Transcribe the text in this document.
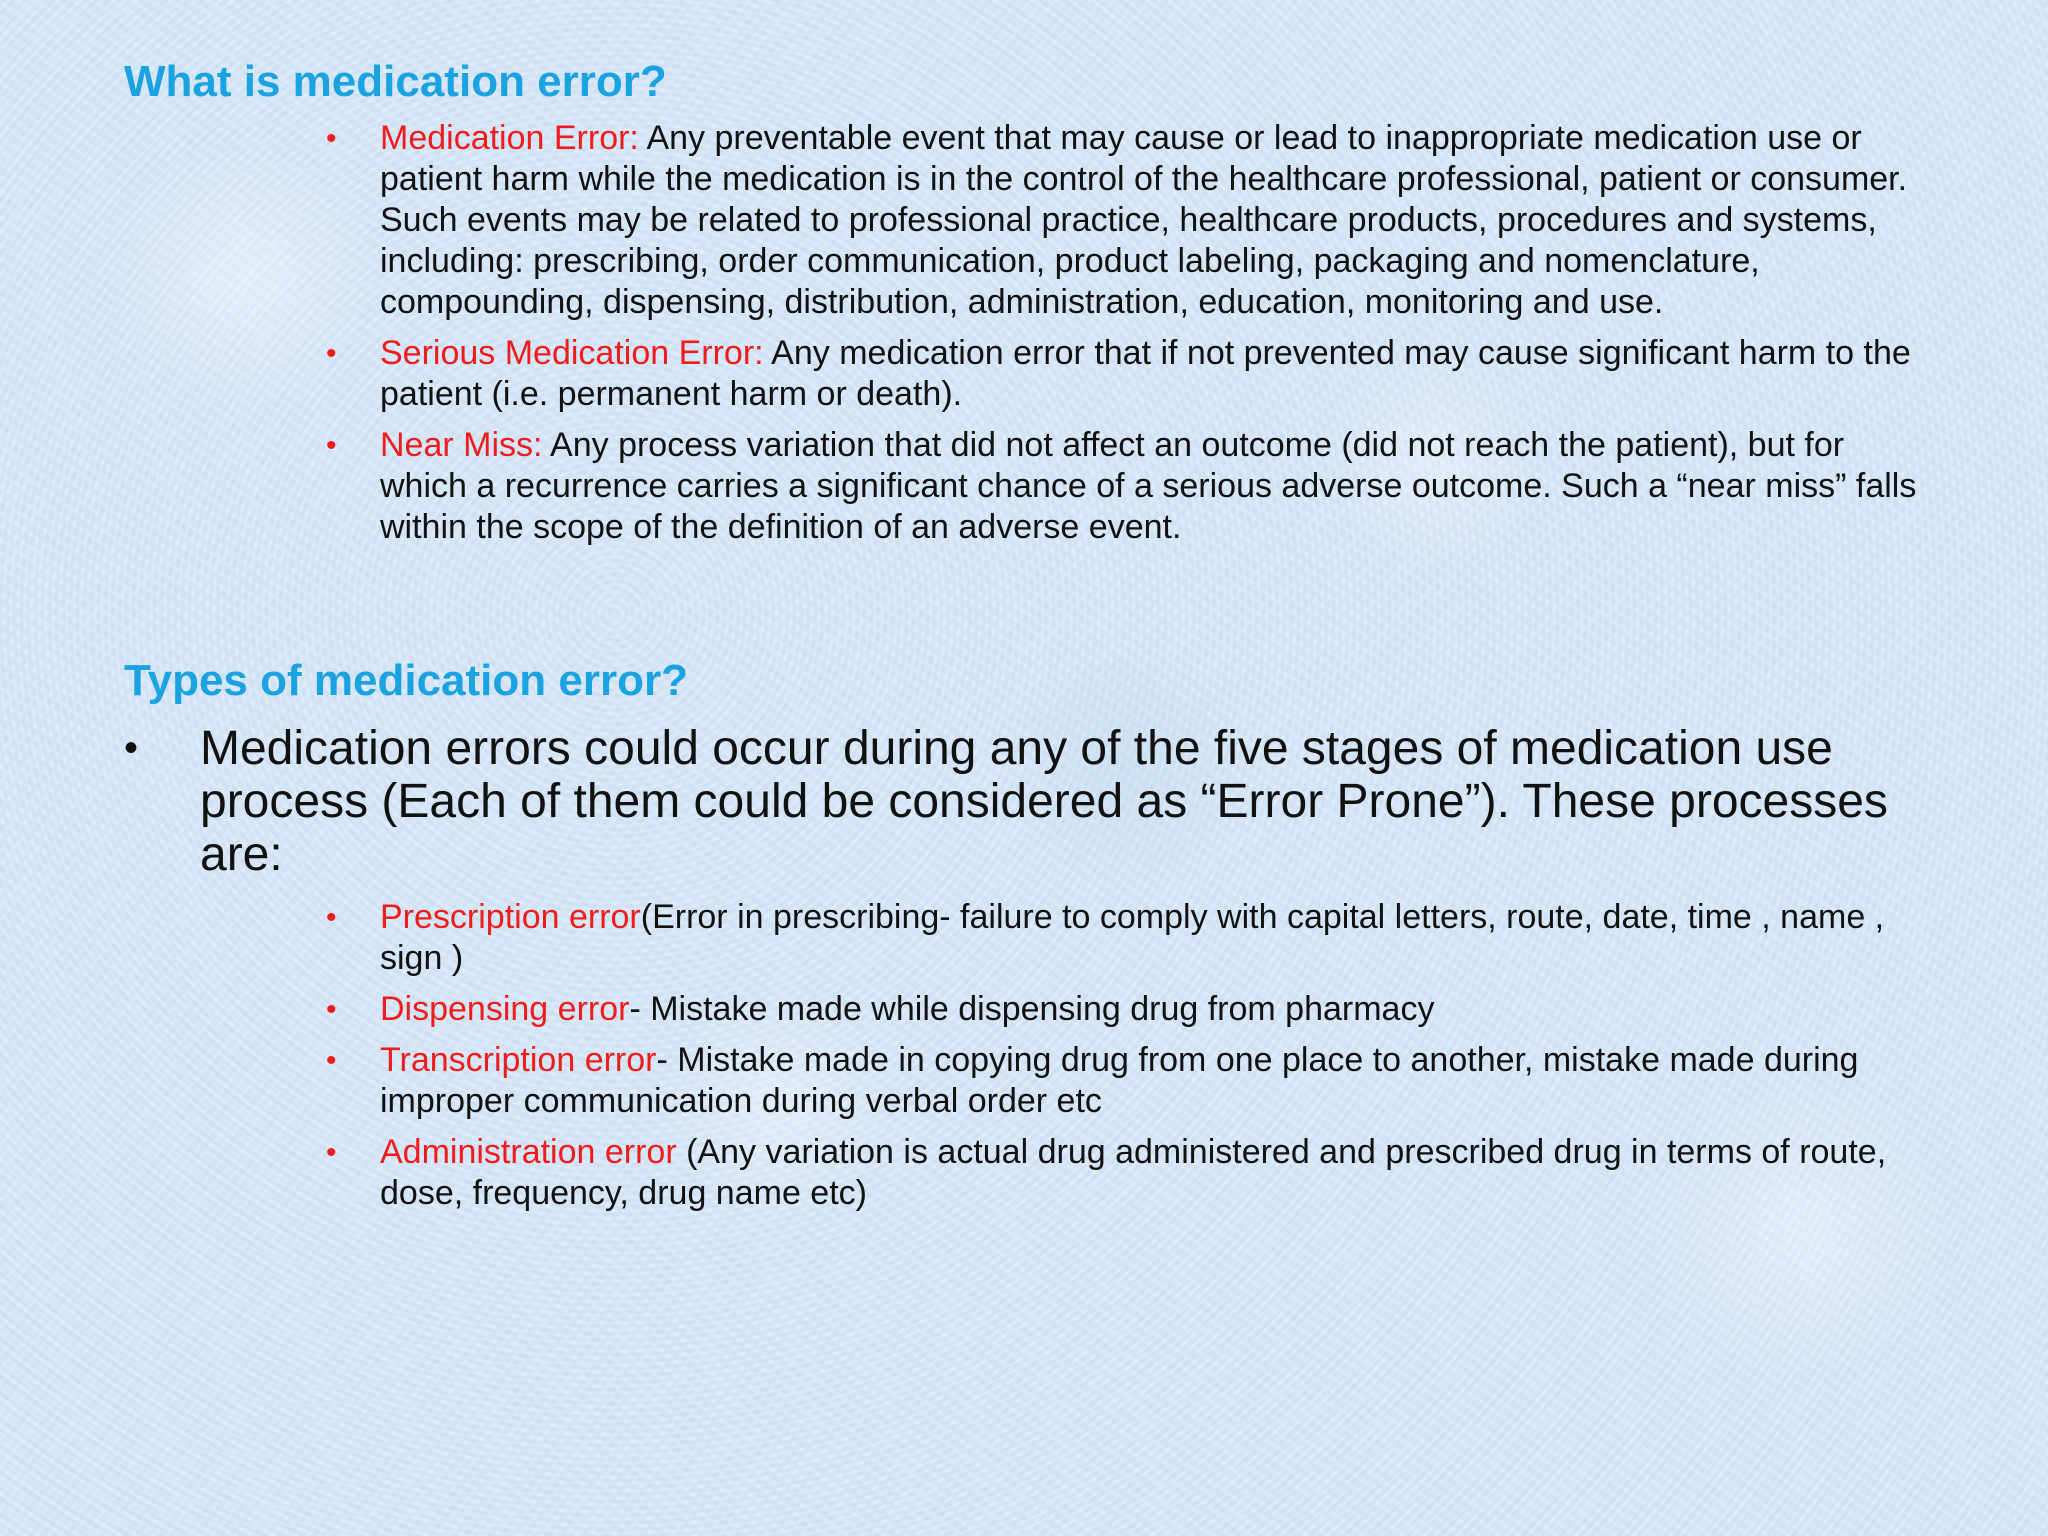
What is medication error?
• Medication Error: Any preventable event that may cause or lead to inappropriate medication use or patient harm while the medication is in the control of the healthcare professional, patient or consumer. Such events may be related to professional practice, healthcare products, procedures and systems, including: prescribing, order communication, product labeling, packaging and nomenclature, compounding, dispensing, distribution, administration, education, monitoring and use.
• Serious Medication Error: Any medication error that if not prevented may cause significant harm to the patient (i.e. permanent harm or death).
• Near Miss: Any process variation that did not affect an outcome (did not reach the patient), but for which a recurrence carries a significant chance of a serious adverse outcome. Such a “near miss” falls within the scope of the definition of an adverse event.
Types of medication error?
• Medication errors could occur during any of the five stages of medication use process (Each of them could be considered as “Error Prone”). These processes are:
• Prescription error(Error in prescribing- failure to comply with capital letters, route, date, time , name , sign )
• Dispensing error- Mistake made while dispensing drug from pharmacy
• Transcription error- Mistake made in copying drug from one place to another, mistake made during improper communication during verbal order etc
• Administration error (Any variation is actual drug administered and prescribed drug in terms of route, dose, frequency, drug name etc)
